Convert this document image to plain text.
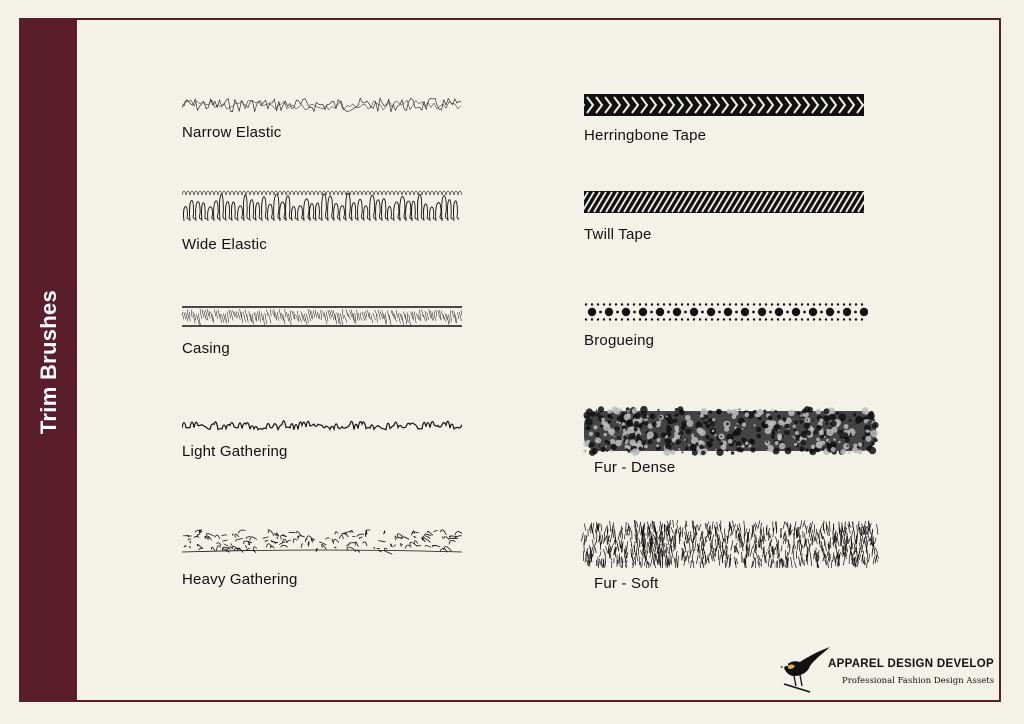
Trim Brushes
Narrow Elastic
Wide Elastic
Casing
Light Gathering
Heavy Gathering
Herringbone Tape
Twill Tape
Brogueing
Fur - Dense
Fur - Soft
APPAREL DESIGN DEVELOP
Professional Fashion Design Assets
